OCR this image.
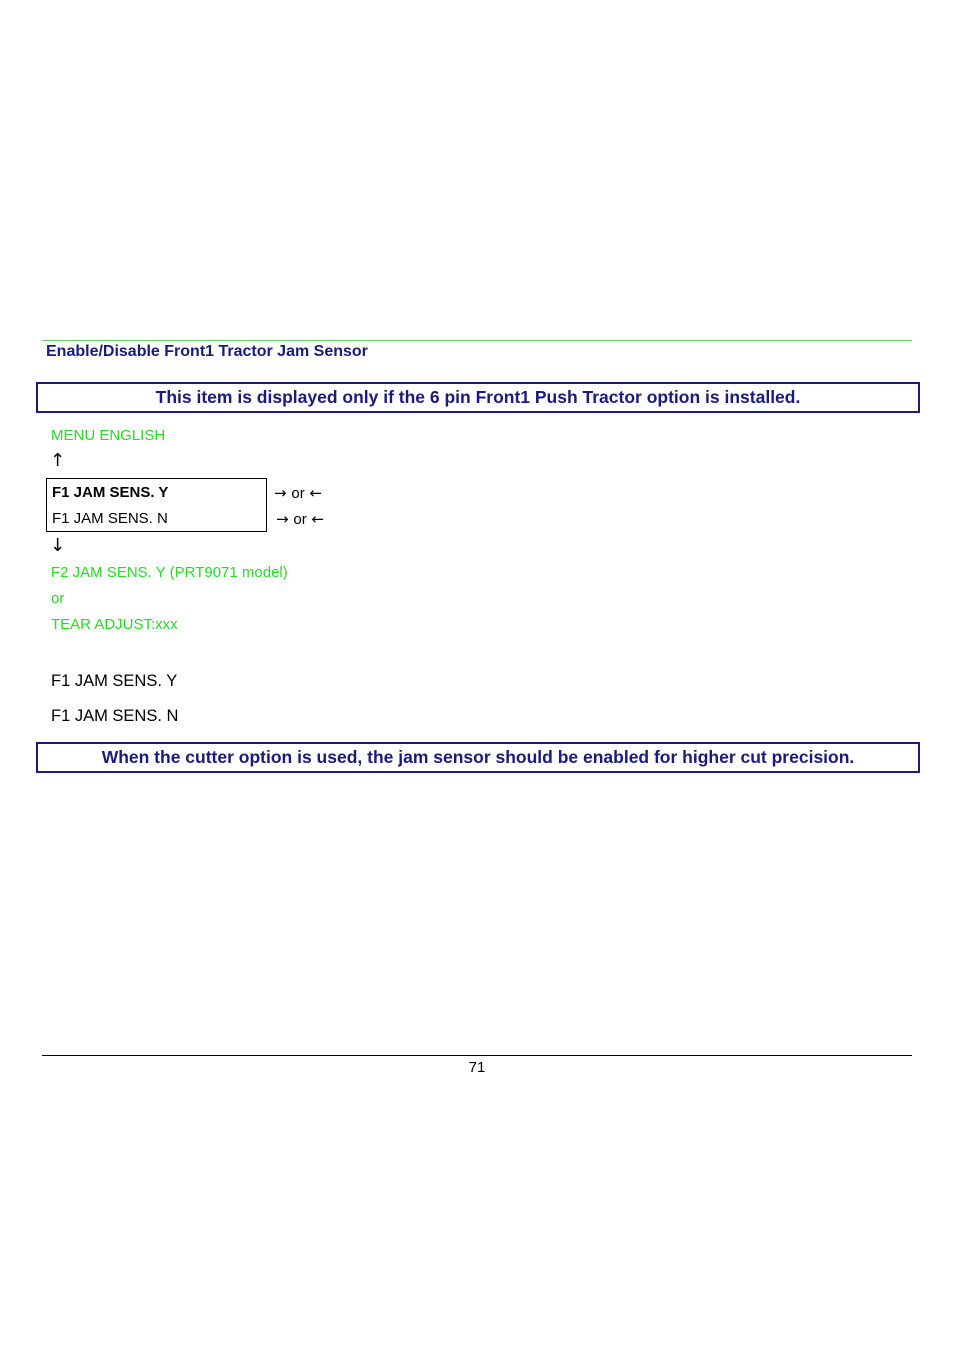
Enable/Disable Front1 Tractor Jam Sensor
This item is displayed only if the 6 pin Front1 Push Tractor option is installed.
MENU ENGLISH
↑
F1 JAM SENS. Y
F1 JAM SENS. N
→ or ←
→ or ←
↓
F2 JAM SENS. Y (PRT9071 model)
or
TEAR ADJUST:xxx
F1 JAM SENS. Y
F1 JAM SENS. N
When the cutter option is used, the jam sensor should be enabled for higher cut precision.
71
